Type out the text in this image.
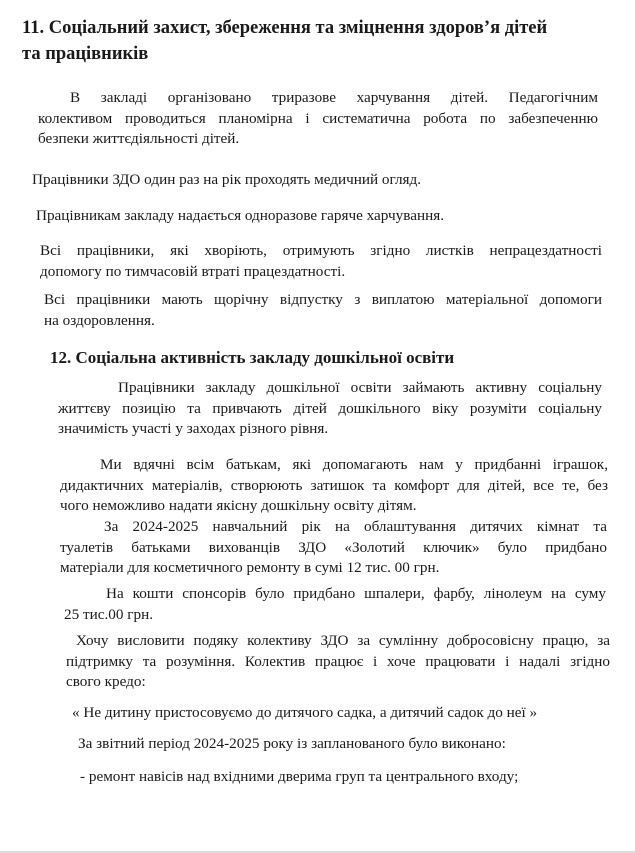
11. Соціальний захист, збереження та зміцнення здоров’я дітей
та працівників
В закладі організовано триразове харчування дітей. Педагогічним
колективом проводиться планомірна і систематична робота по забезпеченню
безпеки життєдіяльності дітей.
Працівники ЗДО один раз на рік проходять медичний огляд.
Працівникам закладу надається одноразове гаряче харчування.
Всі працівники, які хворіють, отримують згідно листків непрацездатності
допомогу по тимчасовій втраті працездатності.
Всі працівники мають щорічну відпустку з виплатою матеріальної допомоги
на оздоровлення.
12. Соціальна активність закладу дошкільної освіти
Працівники закладу дошкільної освіти займають активну соціальну
життєву позицію та привчають дітей дошкільного віку розуміти соціальну
значимість участі у заходах різного рівня.
Ми вдячні всім батькам, які допомагають нам у придбанні іграшок,
дидактичних матеріалів, створюють затишок та комфорт для дітей, все те, без
чого неможливо надати якісну дошкільну освіту дітям.
За 2024-2025 навчальний рік на облаштування дитячих кімнат та
туалетів батьками вихованців ЗДО «Золотий ключик» було придбано
матеріали для косметичного ремонту в сумі 12 тис. 00 грн.
На кошти спонсорів було придбано шпалери, фарбу, лінолеум на суму
25 тис.00 грн.
Хочу висловити подяку колективу ЗДО за сумлінну добросовісну працю, за
підтримку та розуміння. Колектив працює і хоче працювати і надалі згідно
свого кредо:
« Не дитину пристосовуємо до дитячого садка, а дитячий садок до неї »
За звітний період 2024-2025 року із запланованого було виконано:
- ремонт навісів над вхідними дверима груп та центрального входу;
